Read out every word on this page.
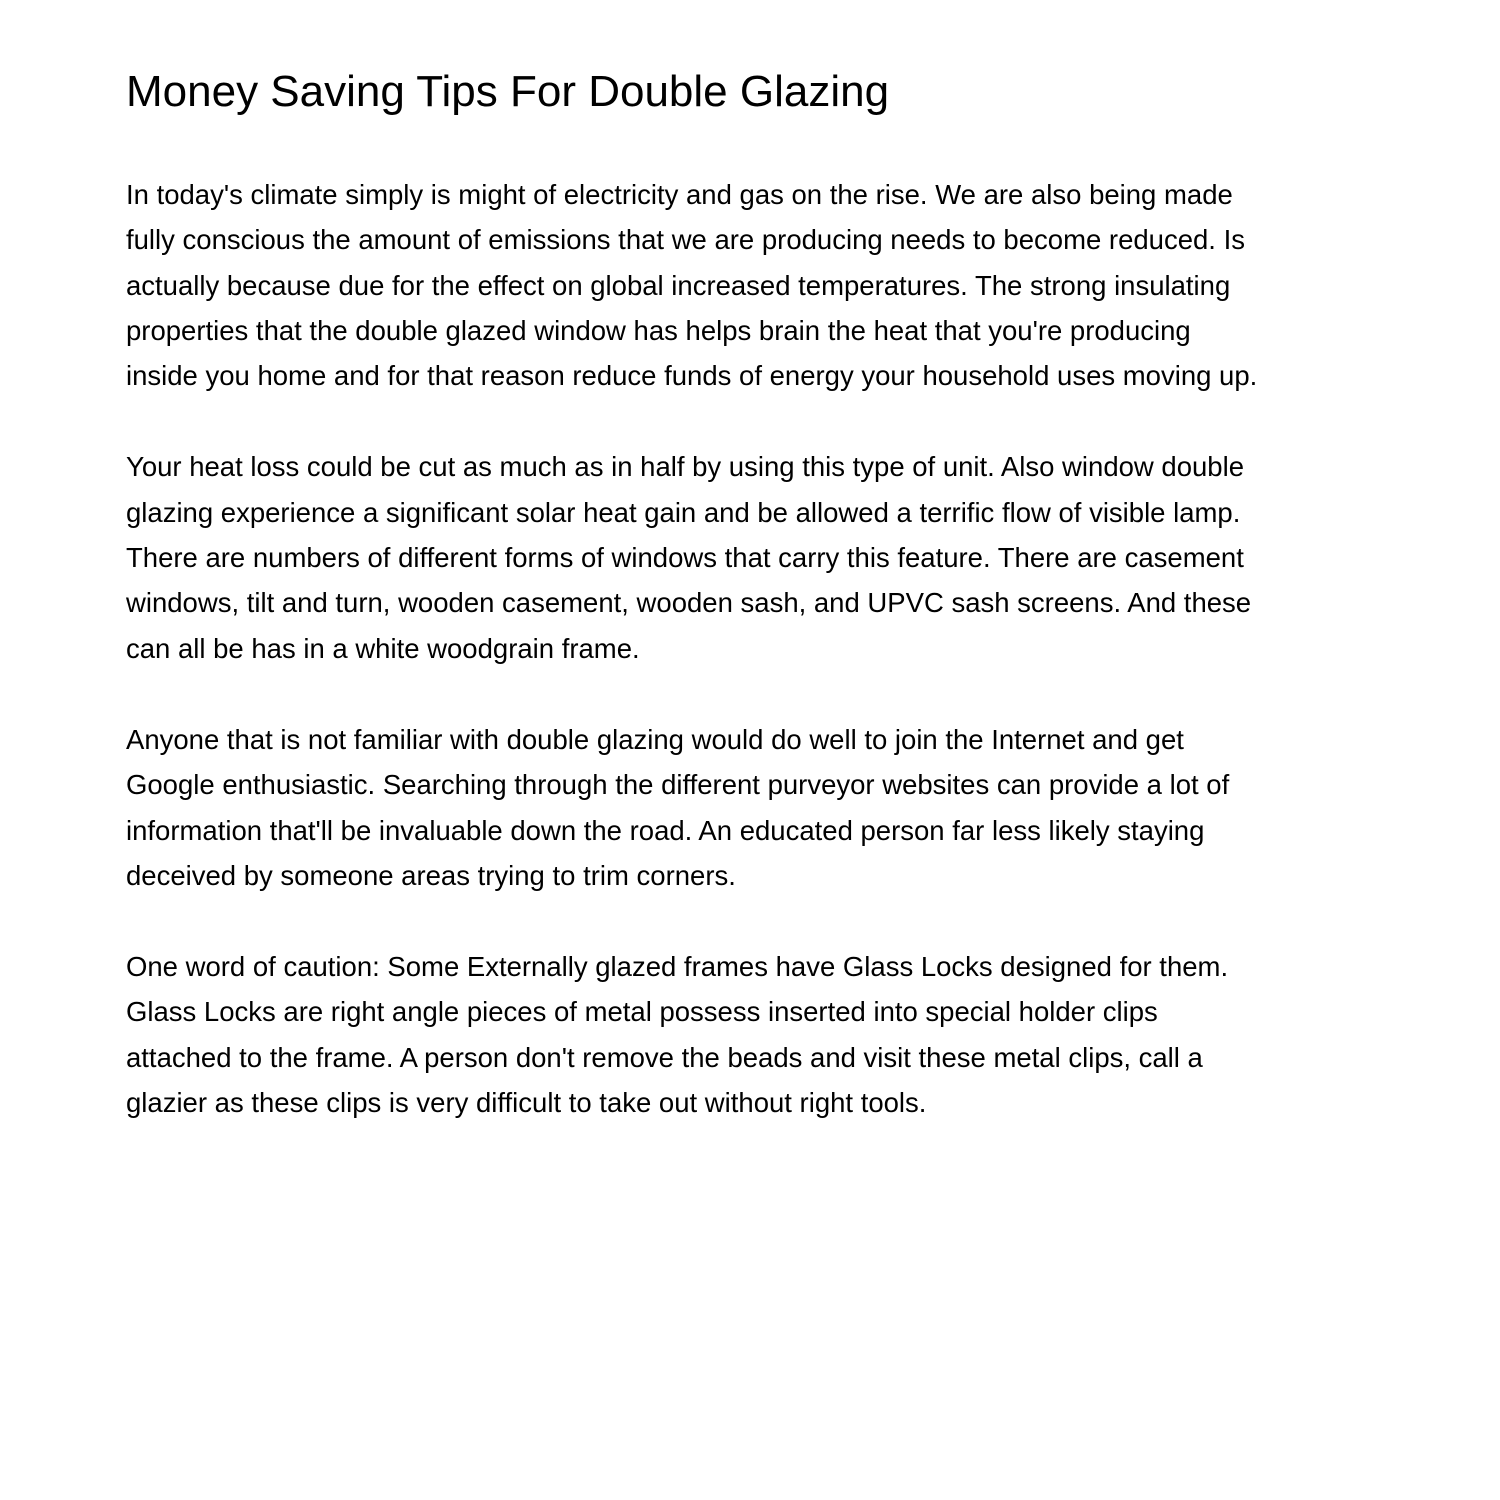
Money Saving Tips For Double Glazing

In today's climate simply is might of electricity and gas on the rise. We are also being made
fully conscious the amount of emissions that we are producing needs to become reduced. Is
actually because due for the effect on global increased temperatures. The strong insulating
properties that the double glazed window has helps brain the heat that you're producing
inside you home and for that reason reduce funds of energy your household uses moving up.

Your heat loss could be cut as much as in half by using this type of unit. Also window double
glazing experience a significant solar heat gain and be allowed a terrific flow of visible lamp.
There are numbers of different forms of windows that carry this feature. There are casement
windows, tilt and turn, wooden casement, wooden sash, and UPVC sash screens. And these
can all be has in a white woodgrain frame.

Anyone that is not familiar with double glazing would do well to join the Internet and get
Google enthusiastic. Searching through the different purveyor websites can provide a lot of
information that'll be invaluable down the road. An educated person far less likely staying
deceived by someone areas trying to trim corners.

One word of caution: Some Externally glazed frames have Glass Locks designed for them.
Glass Locks are right angle pieces of metal possess inserted into special holder clips
attached to the frame. A person don't remove the beads and visit these metal clips, call a
glazier as these clips is very difficult to take out without right tools.
